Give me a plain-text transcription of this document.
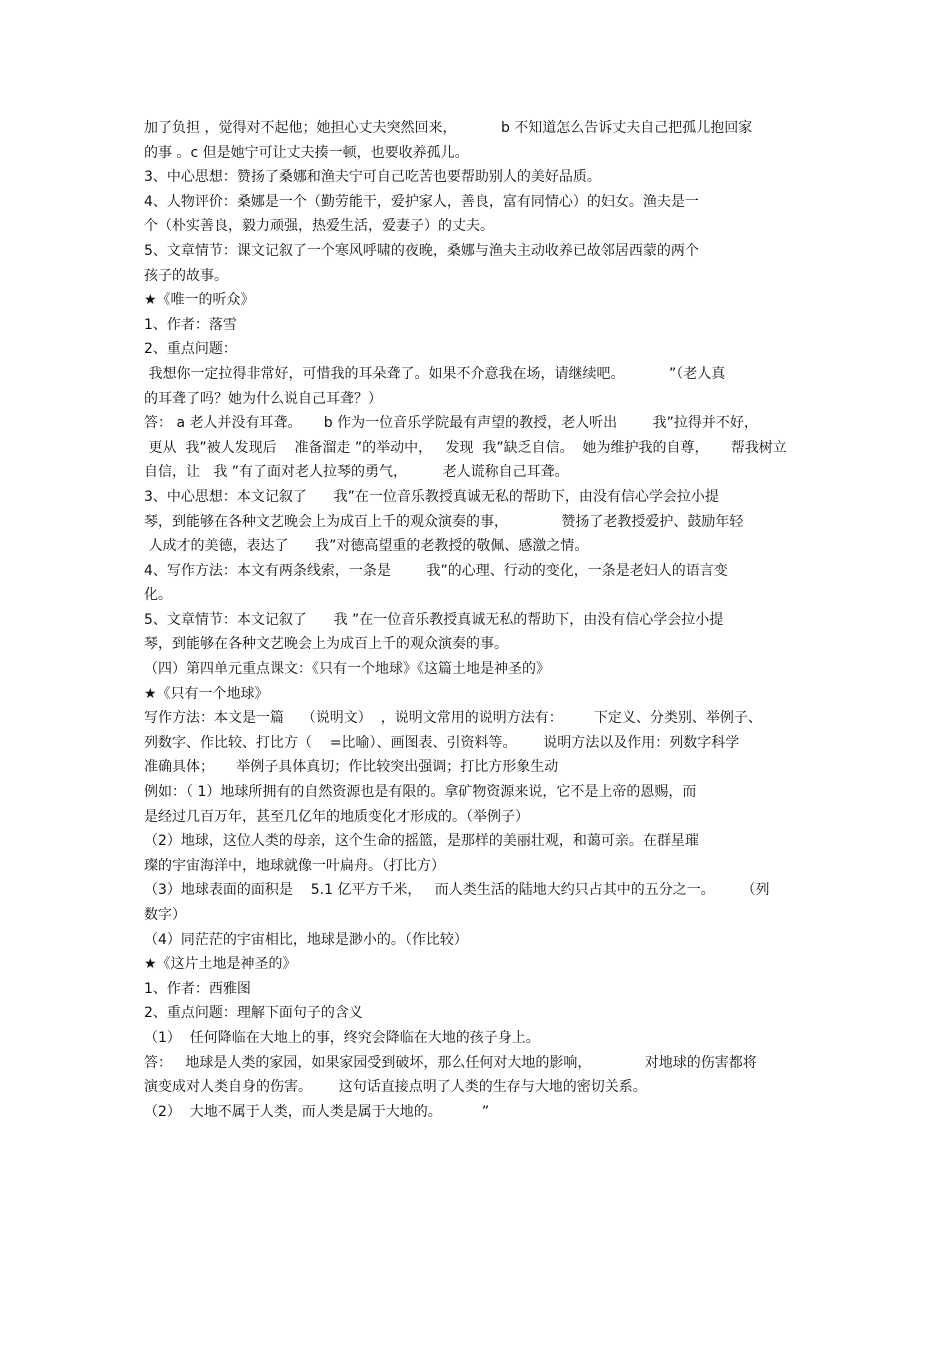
加了负担 ，觉得对不起他；她担心丈夫突然回来，          b 不知道怎么告诉丈夫自己把孤儿抱回家
的事 。c 但是她宁可让丈夫揍一顿，也要收养孤儿。
3、中心思想：赞扬了桑娜和渔夫宁可自己吃苦也要帮助别人的美好品质。
4、人物评价：桑娜是一个（勤劳能干，爱护家人，善良，富有同情心）的妇女。渔夫是一
个（朴实善良，毅力顽强，热爱生活，爱妻子）的丈夫。
5、文章情节：课文记叙了一个寒风呼啸的夜晚，桑娜与渔夫主动收养已故邻居西蒙的两个
孩子的故事。
★《唯一的听众》
1、作者：落雪
2、重点问题：
我想你一定拉得非常好，可惜我的耳朵聋了。如果不介意我在场，请继续吧。          ”（老人真
的耳聋了吗？她为什么说自己耳聋？）
答： a 老人并没有耳聋。     b 作为一位音乐学院最有声望的教授，老人听出        我”拉得并不好，
更从  我”被人发现后    准备溜走 ”的举动中，   发现  我”缺乏自信。  她为维护我的自尊，     帮我树立
自信，让   我 ”有了面对老人拉琴的勇气，        老人谎称自己耳聋。
3、中心思想：本文记叙了      我”在一位音乐教授真诚无私的帮助下，由没有信心学会拉小提
琴，到能够在各种文艺晚会上为成百上千的观众演奏的事，            赞扬了老教授爱护、鼓励年轻
人成才的美德，表达了      我”对德高望重的老教授的敬佩、感激之情。
4、写作方法：本文有两条线索，一条是        我”的心理、行动的变化，一条是老妇人的语言变
化。
5、文章情节：本文记叙了      我 ”在一位音乐教授真诚无私的帮助下，由没有信心学会拉小提
琴，到能够在各种文艺晚会上为成百上千的观众演奏的事。
（四）第四单元重点课文：《只有一个地球》《这篇土地是神圣的》
★《只有一个地球》
写作方法：本文是一篇    （说明文）  ，说明文常用的说明方法有：       下定义、分类别、举例子、
列数字、作比较、打比方（    =比喻）、画图表、引资料等。      说明方法以及作用：列数字科学
准确具体；     举例子具体真切；作比较突出强调；打比方形象生动
例如：（ 1）地球所拥有的自然资源也是有限的。拿矿物资源来说，它不是上帝的恩赐，而
是经过几百万年，甚至几亿年的地质变化才形成的。（举例子）
（2）地球，这位人类的母亲，这个生命的摇篮，是那样的美丽壮观，和蔼可亲。在群星璀
璨的宇宙海洋中，地球就像一叶扁舟。（打比方）
（3）地球表面的面积是    5.1 亿平方千米，   而人类生活的陆地大约只占其中的五分之一。      （列
数字）
（4）同茫茫的宇宙相比，地球是渺小的。（作比较）
★《这片土地是神圣的》
1、作者：西雅图
2、重点问题：理解下面句子的含义
（1）  任何降临在大地上的事，终究会降临在大地的孩子身上。
答：   地球是人类的家园，如果家园受到破坏，那么任何对大地的影响，            对地球的伤害都将
演变成对人类自身的伤害。      这句话直接点明了人类的生存与大地的密切关系。
（2）  大地不属于人类，而人类是属于大地的。         ”
